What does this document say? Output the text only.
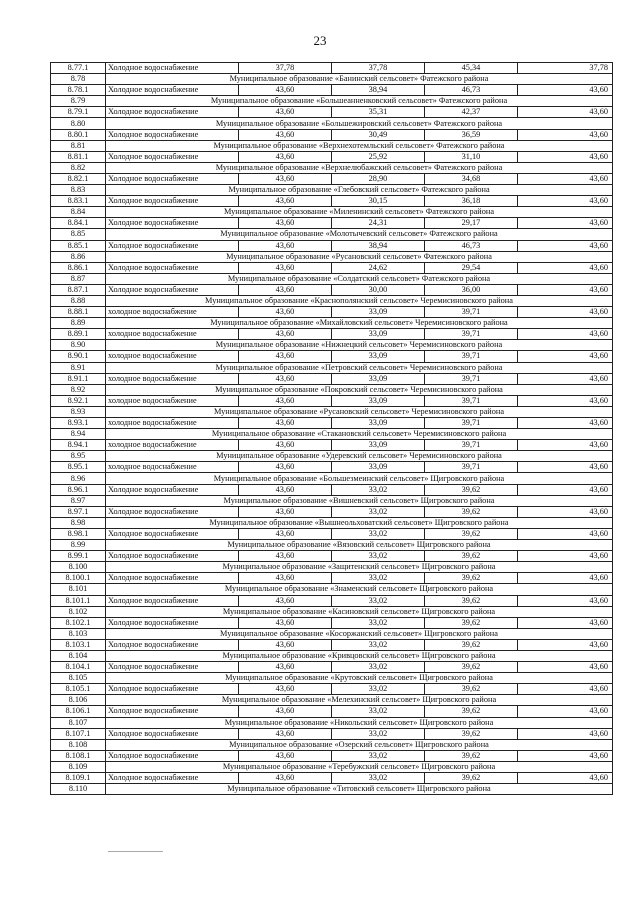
23
8.77.1	Холодное водоснабжение	37,78	37,78	45,34	37,78
8.78	Муниципальное образование «Банинский сельсовет» Фатежского района				
8.78.1	Холодное водоснабжение	43,60	38,94	46,73	43,60
8.79	Муниципальное образование «Большеанненковский сельсовет» Фатежского района				
8.79.1	Холодное водоснабжение	43,60	35,31	42,37	43,60
8.80	Муниципальное образование «Большежировский сельсовет» Фатежского района				
8.80.1	Холодное водоснабжение	43,60	30,49	36,59	43,60
8.81	Муниципальное образование «Верхнехотемльский сельсовет» Фатежского района				
8.81.1	Холодное водоснабжение	43,60	25,92	31,10	43,60
8.82	Муниципальное образование «Верхнелюбажский сельсовет» Фатежского района				
8.82.1	Холодное водоснабжение	43,60	28,90	34,68	43,60
8.83	Муниципальное образование «Глебовский сельсовет» Фатежского района				
8.83.1	Холодное водоснабжение	43,60	30,15	36,18	43,60
8.84	Муниципальное образование «Миленинский сельсовет» Фатежского района				
8.84.1	Холодное водоснабжение	43,60	24,31	29,17	43,60
8.85	Муниципальное образование «Молотычевский сельсовет» Фатежского района				
8.85.1	Холодное водоснабжение	43,60	38,94	46,73	43,60
8.86	Муниципальное образование «Русановский сельсовет» Фатежского района				
8.86.1	Холодное водоснабжение	43,60	24,62	29,54	43,60
8.87	Муниципальное образование «Солдатский сельсовет» Фатежского района				
8.87.1	Холодное водоснабжение	43,60	30,00	36,00	43,60
8.88	Муниципальное образование «Краснополянский сельсовет» Черемисиновского района				
8.88.1	холодное водоснабжение	43,60	33,09	39,71	43,60
8.89	Муниципальное образование «Михайловский сельсовет» Черемисиновского района				
8.89.1	холодное водоснабжение	43,60	33,09	39,71	43,60
8.90	Муниципальное образование «Нижнецкий сельсовет» Черемисиновского района				
8.90.1	холодное водоснабжение	43,60	33,09	39,71	43,60
8.91	Муниципальное образование «Петровский сельсовет» Черемисиновского района				
8.91.1	холодное водоснабжение	43,60	33,09	39,71	43,60
8.92	Муниципальное образование «Покровский сельсовет» Черемисиновского района				
8.92.1	холодное водоснабжение	43,60	33,09	39,71	43,60
8.93	Муниципальное образование «Русановский сельсовет» Черемисиновского района				
8.93.1	холодное водоснабжение	43,60	33,09	39,71	43,60
8.94	Муниципальное образование «Стакановский сельсовет» Черемисиновского района				
8.94.1	холодное водоснабжение	43,60	33,09	39,71	43,60
8.95	Муниципальное образование «Удеревский сельсовет» Черемисиновского района				
8.95.1	холодное водоснабжение	43,60	33,09	39,71	43,60
8.96	Муниципальное образование «Большезмеинский сельсовет» Щигровского района				
8.96.1	Холодное водоснабжение	43,60	33,02	39,62	43,60
8.97	Муниципальное образование «Вишневский сельсовет» Щигровского района				
8.97.1	Холодное водоснабжение	43,60	33,02	39,62	43,60
8.98	Муниципальное образование «Вышнеольховатский сельсовет» Щигровского района				
8.98.1	Холодное водоснабжение	43,60	33,02	39,62	43,60
8.99	Муниципальное образование «Вязовский сельсовет» Щигровского района				
8.99.1	Холодное водоснабжение	43,60	33,02	39,62	43,60
8.100	Муниципальное образование «Защитенский сельсовет» Щигровского района				
8.100.1	Холодное водоснабжение	43,60	33,02	39,62	43,60
8.101	Муниципальное образование «Знаменский сельсовет» Щигровского района				
8.101.1	Холодное водоснабжение	43,60	33,02	39,62	43,60
8.102	Муниципальное образование «Касиновский сельсовет» Щигровского района				
8.102.1	Холодное водоснабжение	43,60	33,02	39,62	43,60
8.103	Муниципальное образование «Косоржанский сельсовет» Щигровского района				
8.103.1	Холодное водоснабжение	43,60	33,02	39,62	43,60
8.104	Муниципальное образование «Кривцовский сельсовет» Щигровского района				
8.104.1	Холодное водоснабжение	43,60	33,02	39,62	43,60
8.105	Муниципальное образование «Крутовский сельсовет» Щигровского района				
8.105.1	Холодное водоснабжение	43,60	33,02	39,62	43,60
8.106	Муниципальное образование «Мелехинский сельсовет» Щигровского района				
8.106.1	Холодное водоснабжение	43,60	33,02	39,62	43,60
8.107	Муниципальное образование «Никольский сельсовет» Щигровского района				
8.107.1	Холодное водоснабжение	43,60	33,02	39,62	43,60
8.108	Муниципальное образование «Озерский сельсовет» Щигровского района				
8.108.1	Холодное водоснабжение	43,60	33,02	39,62	43,60
8.109	Муниципальное образование «Теребужский сельсовет» Щигровского района				
8.109.1	Холодное водоснабжение	43,60	33,02	39,62	43,60
8.110	Муниципальное образование «Титовский сельсовет» Щигровского района				
